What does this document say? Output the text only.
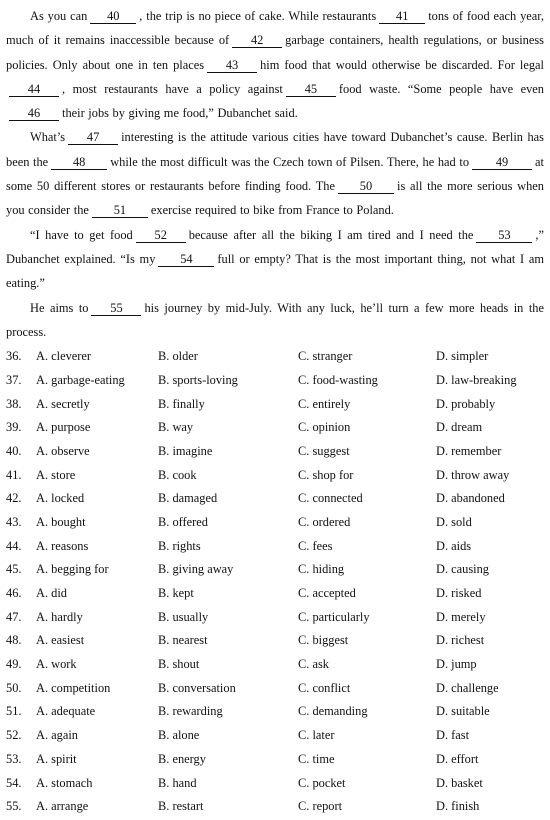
As you can 40 , the trip is no piece of cake. While restaurants 41 tons of food each year, much of it remains inaccessible because of 42 garbage containers, health regulations, or business policies. Only about one in ten places 43 him food that would otherwise be discarded. For legal44 , most restaurants have a policy against 45 food waste. “Some people have even46 their jobs by giving me food,” Dubanchet said.

What’s 47 interesting is the attitude various cities have toward Dubanchet’s cause. Berlin has been the 48 while the most difficult was the Czech town of Pilsen. There, he had to 49 at some 50 different stores or restaurants before finding food. The 50 is all the more serious when you consider the 51 exercise required to bike from France to Poland.

“I have to get food 52 because after all the biking I am tired and I need the 53 ,” Dubanchet explained. “Is my 54 full or empty? That is the most important thing, not what I am eating.”

He aims to 55 his journey by mid-July. With any luck, he’ll turn a few more heads in the process.

36. A. cleverer	B. older	C. stranger	D. simpler
37. A. garbage-eating	B. sports-loving	C. food-wasting	D. law-breaking
38. A. secretly	B. finally	C. entirely	D. probably
39. A. purpose	B. way	C. opinion	D. dream
40. A. observe	B. imagine	C. suggest	D. remember
41. A. store	B. cook	C. shop for	D. throw away
42. A. locked	B. damaged	C. connected	D. abandoned
43. A. bought	B. offered	C. ordered	D. sold
44. A. reasons	B. rights	C. fees	D. aids
45. A. begging for	B. giving away	C. hiding	D. causing
46. A. did	B. kept	C. accepted	D. risked
47. A. hardly	B. usually	C. particularly	D. merely
48. A. easiest	B. nearest	C. biggest	D. richest
49. A. work	B. shout	C. ask	D. jump
50. A. competition	B. conversation	C. conflict	D. challenge
51. A. adequate	B. rewarding	C. demanding	D. suitable
52. A. again	B. alone	C. later	D. fast
53. A. spirit	B. energy	C. time	D. effort
54. A. stomach	B. hand	C. pocket	D. basket
55. A. arrange	B. restart	C. report	D. finish
